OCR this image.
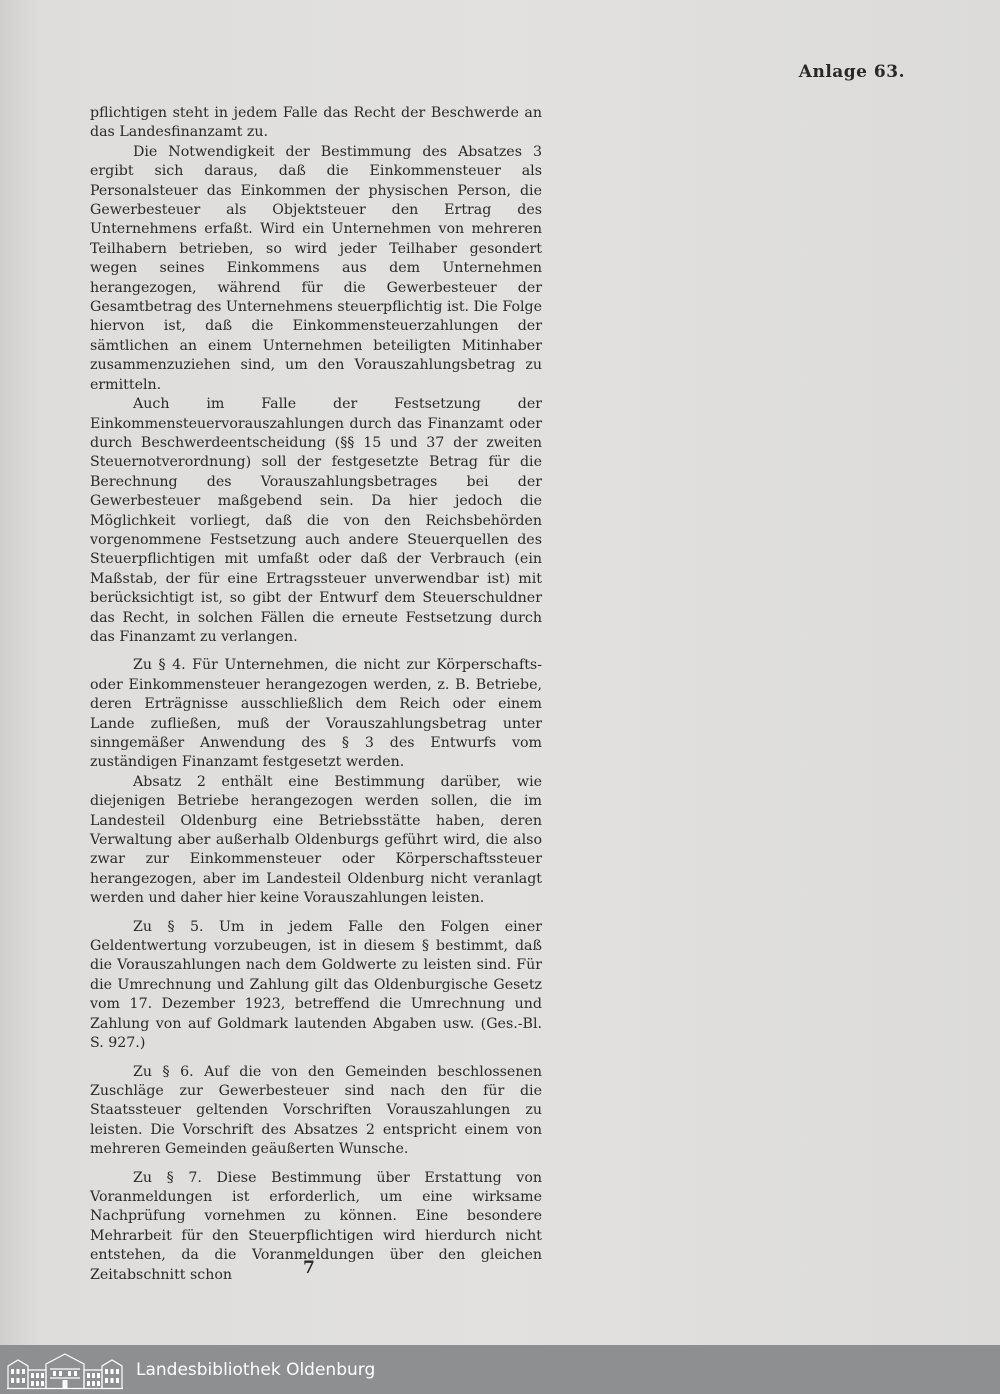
Anlage 63.

pflichtigen steht in jedem Falle das Recht der Beschwerde an das Landesfinanzamt zu.

Die Notwendigkeit der Bestimmung des Absatzes 3 ergibt sich daraus, daß die Einkommensteuer als Personalsteuer das Einkommen der physischen Person, die Gewerbesteuer als Objektsteuer den Ertrag des Unternehmens erfaßt. Wird ein Unternehmen von mehreren Teilhabern betrieben, so wird jeder Teilhaber gesondert wegen seines Einkommens aus dem Unternehmen herangezogen, während für die Gewerbesteuer der Gesamtbetrag des Unternehmens steuerpflichtig ist. Die Folge hiervon ist, daß die Einkommensteuerzahlungen der sämtlichen an einem Unternehmen beteiligten Mitinhaber zusammenzuziehen sind, um den Vorauszahlungsbetrag zu ermitteln.

Auch im Falle der Festsetzung der Einkommensteuervorauszahlungen durch das Finanzamt oder durch Beschwerdeentscheidung (§§ 15 und 37 der zweiten Steuernotverordnung) soll der festgesetzte Betrag für die Berechnung des Vorauszahlungsbetrages bei der Gewerbesteuer maßgebend sein. Da hier jedoch die Möglichkeit vorliegt, daß die von den Reichsbehörden vorgenommene Festsetzung auch andere Steuerquellen des Steuerpflichtigen mit umfaßt oder daß der Verbrauch (ein Maßstab, der für eine Ertragssteuer unverwendbar ist) mit berücksichtigt ist, so gibt der Entwurf dem Steuerschuldner das Recht, in solchen Fällen die erneute Festsetzung durch das Finanzamt zu verlangen.

Zu § 4. Für Unternehmen, die nicht zur Körperschafts- oder Einkommensteuer herangezogen werden, z. B. Betriebe, deren Erträgnisse ausschließlich dem Reich oder einem Lande zufließen, muß der Vorauszahlungsbetrag unter sinngemäßer Anwendung des § 3 des Entwurfs vom zuständigen Finanzamt festgesetzt werden.

Absatz 2 enthält eine Bestimmung darüber, wie diejenigen Betriebe herangezogen werden sollen, die im Landesteil Oldenburg eine Betriebsstätte haben, deren Verwaltung aber außerhalb Oldenburgs geführt wird, die also zwar zur Einkommensteuer oder Körperschaftssteuer herangezogen, aber im Landesteil Oldenburg nicht veranlagt werden und daher hier keine Vorauszahlungen leisten.

Zu § 5. Um in jedem Falle den Folgen einer Geldentwertung vorzubeugen, ist in diesem § bestimmt, daß die Vorauszahlungen nach dem Goldwerte zu leisten sind. Für die Umrechnung und Zahlung gilt das Oldenburgische Gesetz vom 17. Dezember 1923, betreffend die Umrechnung und Zahlung von auf Goldmark lautenden Abgaben usw. (Ges.-Bl. S. 927.)

Zu § 6. Auf die von den Gemeinden beschlossenen Zuschläge zur Gewerbesteuer sind nach den für die Staatssteuer geltenden Vorschriften Vorauszahlungen zu leisten. Die Vorschrift des Absatzes 2 entspricht einem von mehreren Gemeinden geäußerten Wunsche.

Zu § 7. Diese Bestimmung über Erstattung von Voranmeldungen ist erforderlich, um eine wirksame Nachprüfung vornehmen zu können. Eine besondere Mehrarbeit für den Steuerpflichtigen wird hierdurch nicht entstehen, da die Voranmeldungen über den gleichen Zeitabschnitt schon	7
Landesbibliothek Oldenburg
